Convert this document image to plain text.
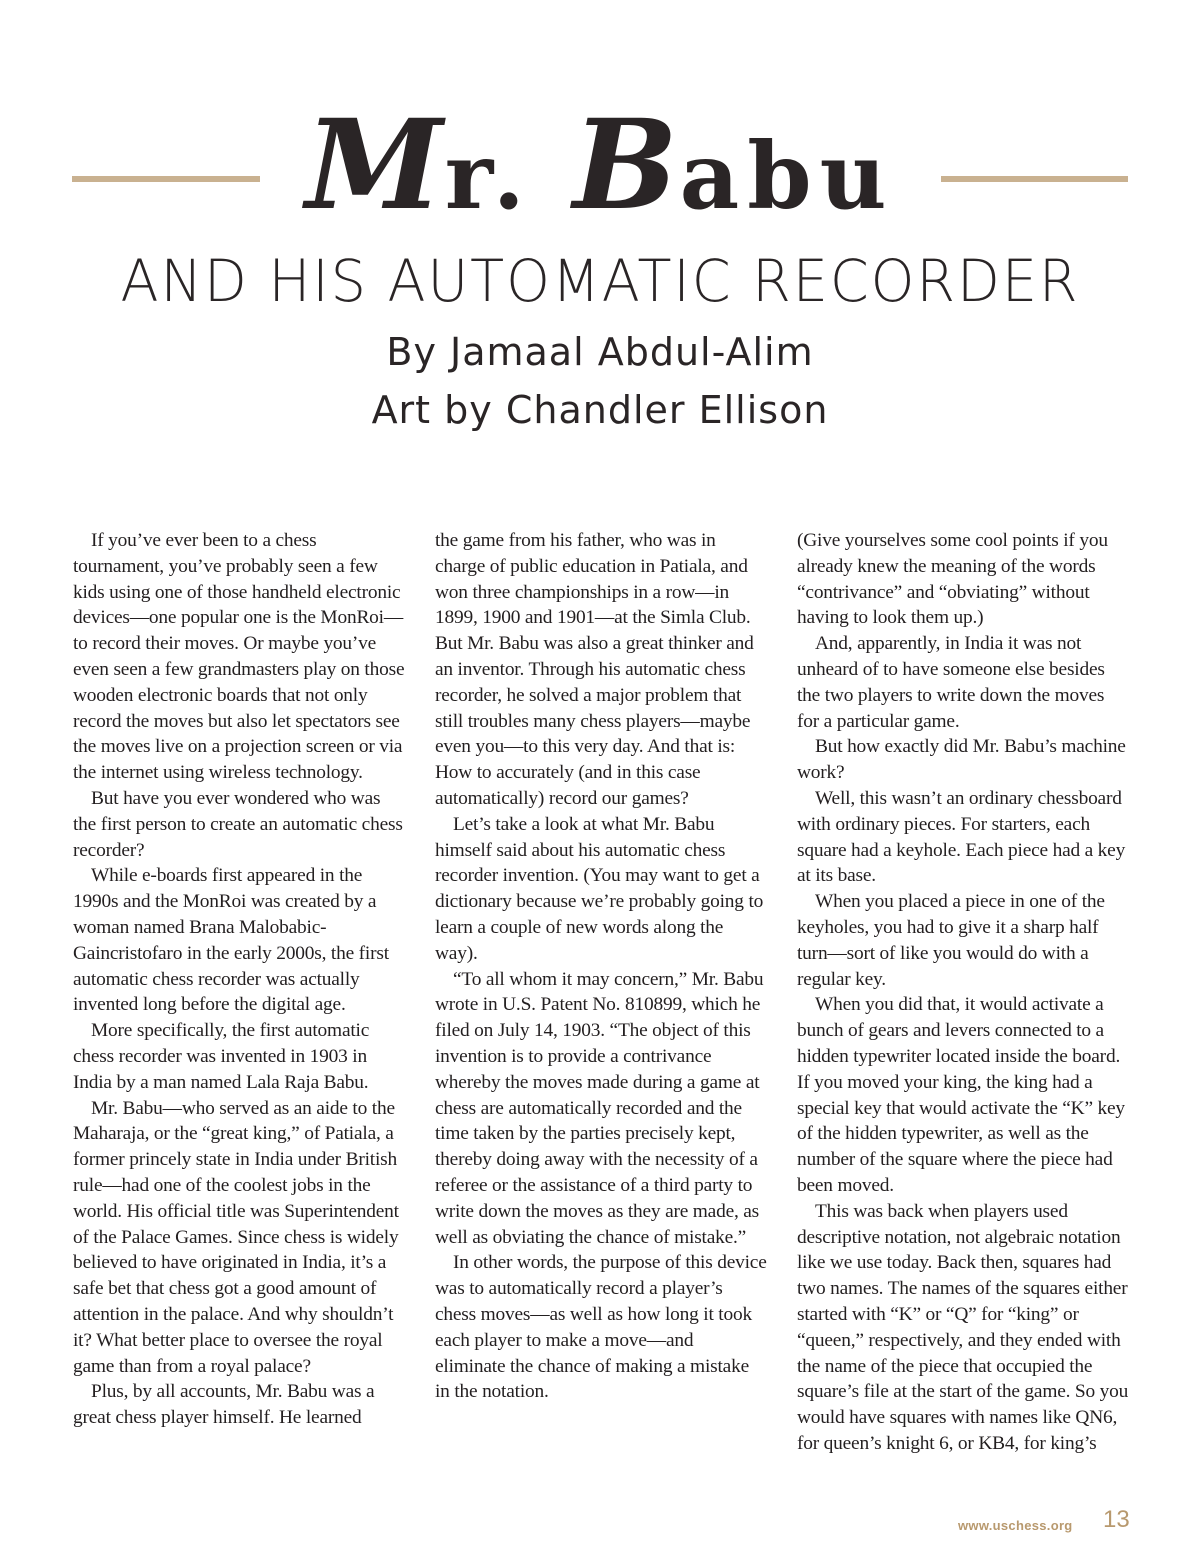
Mr. Babu
AND HIS AUTOMATIC RECORDER
By Jamaal Abdul-Alim
Art by Chandler Ellison

If you’ve ever been to a chess tournament, you’ve probably seen a few kids using one of those handheld electronic devices—one popular one is the MonRoi—to record their moves. Or maybe you’ve even seen a few grandmasters play on those wooden electronic boards that not only record the moves but also let spectators see the moves live on a projection screen or via the internet using wireless technology.

But have you ever wondered who was the first person to create an automatic chess recorder?

While e-boards first appeared in the 1990s and the MonRoi was created by a woman named Brana Malobabic-Gaincristofaro in the early 2000s, the first automatic chess recorder was actually invented long before the digital age.

More specifically, the first automatic chess recorder was invented in 1903 in India by a man named Lala Raja Babu.

Mr. Babu—who served as an aide to the Maharaja, or the “great king,” of Patiala, a former princely state in India under British rule—had one of the coolest jobs in the world. His official title was Superintendent of the Palace Games. Since chess is widely believed to have originated in India, it’s a safe bet that chess got a good amount of attention in the palace. And why shouldn’t it? What better place to oversee the royal game than from a royal palace?

Plus, by all accounts, Mr. Babu was a great chess player himself. He learned

the game from his father, who was in charge of public education in Patiala, and won three championships in a row—in 1899, 1900 and 1901—at the Simla Club. But Mr. Babu was also a great thinker and an inventor. Through his automatic chess recorder, he solved a major problem that still troubles many chess players—maybe even you—to this very day. And that is: How to accurately (and in this case automatically) record our games?

Let’s take a look at what Mr. Babu himself said about his automatic chess recorder invention. (You may want to get a dictionary because we’re probably going to learn a couple of new words along the way).

“To all whom it may concern,” Mr. Babu wrote in U.S. Patent No. 810899, which he filed on July 14, 1903. “The object of this invention is to provide a contrivance whereby the moves made during a game at chess are automatically recorded and the time taken by the parties precisely kept, thereby doing away with the necessity of a referee or the assistance of a third party to write down the moves as they are made, as well as obviating the chance of mistake.”

In other words, the purpose of this device was to automatically record a player’s chess moves—as well as how long it took each player to make a move—and eliminate the chance of making a mistake in the notation.

(Give yourselves some cool points if you already knew the meaning of the words “contrivance” and “obviating” without having to look them up.)

And, apparently, in India it was not unheard of to have someone else besides the two players to write down the moves for a particular game.

But how exactly did Mr. Babu’s machine work?

Well, this wasn’t an ordinary chessboard with ordinary pieces. For starters, each square had a keyhole. Each piece had a key at its base.

When you placed a piece in one of the keyholes, you had to give it a sharp half turn—sort of like you would do with a regular key.

When you did that, it would activate a bunch of gears and levers connected to a hidden typewriter located inside the board. If you moved your king, the king had a special key that would activate the “K” key of the hidden typewriter, as well as the number of the square where the piece had been moved.

This was back when players used descriptive notation, not algebraic notation like we use today. Back then, squares had two names. The names of the squares either started with “K” or “Q” for “king” or “queen,” respectively, and they ended with the name of the piece that occupied the square’s file at the start of the game. So you would have squares with names like QN6, for queen’s knight 6, or KB4, for king’s

www.uschess.org 13
